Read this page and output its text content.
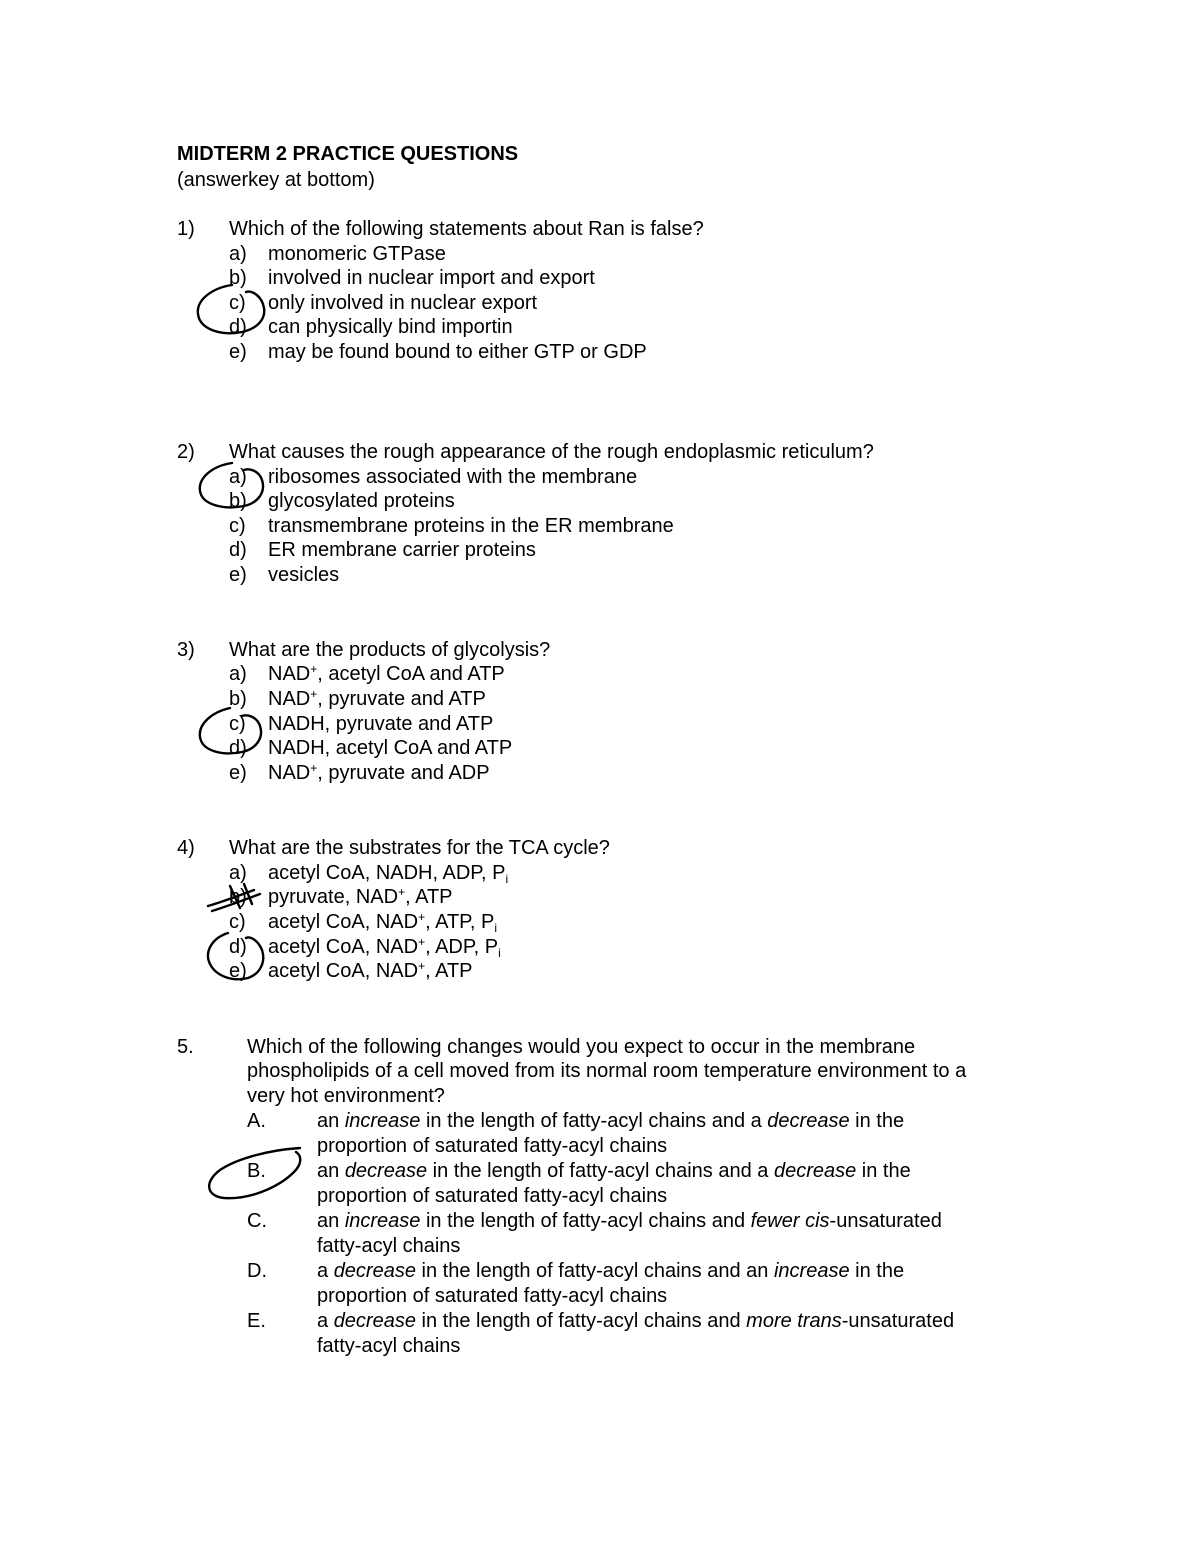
MIDTERM 2 PRACTICE QUESTIONS
(answerkey at bottom)
1) Which of the following statements about Ran is false?
a) monomeric GTPase
b) involved in nuclear import and export
c) only involved in nuclear export
d) can physically bind importin
e) may be found bound to either GTP or GDP
2) What causes the rough appearance of the rough endoplasmic reticulum?
a) ribosomes associated with the membrane
b) glycosylated proteins
c) transmembrane proteins in the ER membrane
d) ER membrane carrier proteins
e) vesicles
3) What are the products of glycolysis?
a) NAD+, acetyl CoA and ATP
b) NAD+, pyruvate and ATP
c) NADH, pyruvate and ATP
d) NADH, acetyl CoA and ATP
e) NAD+, pyruvate and ADP
4) What are the substrates for the TCA cycle?
a) acetyl CoA, NADH, ADP, $P_i$
b) pyruvate, NAD+, ATP
c) acetyl CoA, NAD+, ATP, $P_i$
d) acetyl CoA, NAD+, ADP, $P_i$
e) acetyl CoA, NAD+, ATP
5.	Which of the following changes would you expect to occur in the membrane
phospholipids of a cell moved from its normal room temperature environment to a
very hot environment?
A.	an increase in the length of fatty-acyl chains and a decrease in the
proportion of saturated fatty-acyl chains
B.	an decrease in the length of fatty-acyl chains and a decrease in the
proportion of saturated fatty-acyl chains
C.	an increase in the length of fatty-acyl chains and fewer cis-unsaturated
fatty-acyl chains
D.	a decrease in the length of fatty-acyl chains and an increase in the
proportion of saturated fatty-acyl chains
E.	a decrease in the length of fatty-acyl chains and more trans-unsaturated
fatty-acyl chains
